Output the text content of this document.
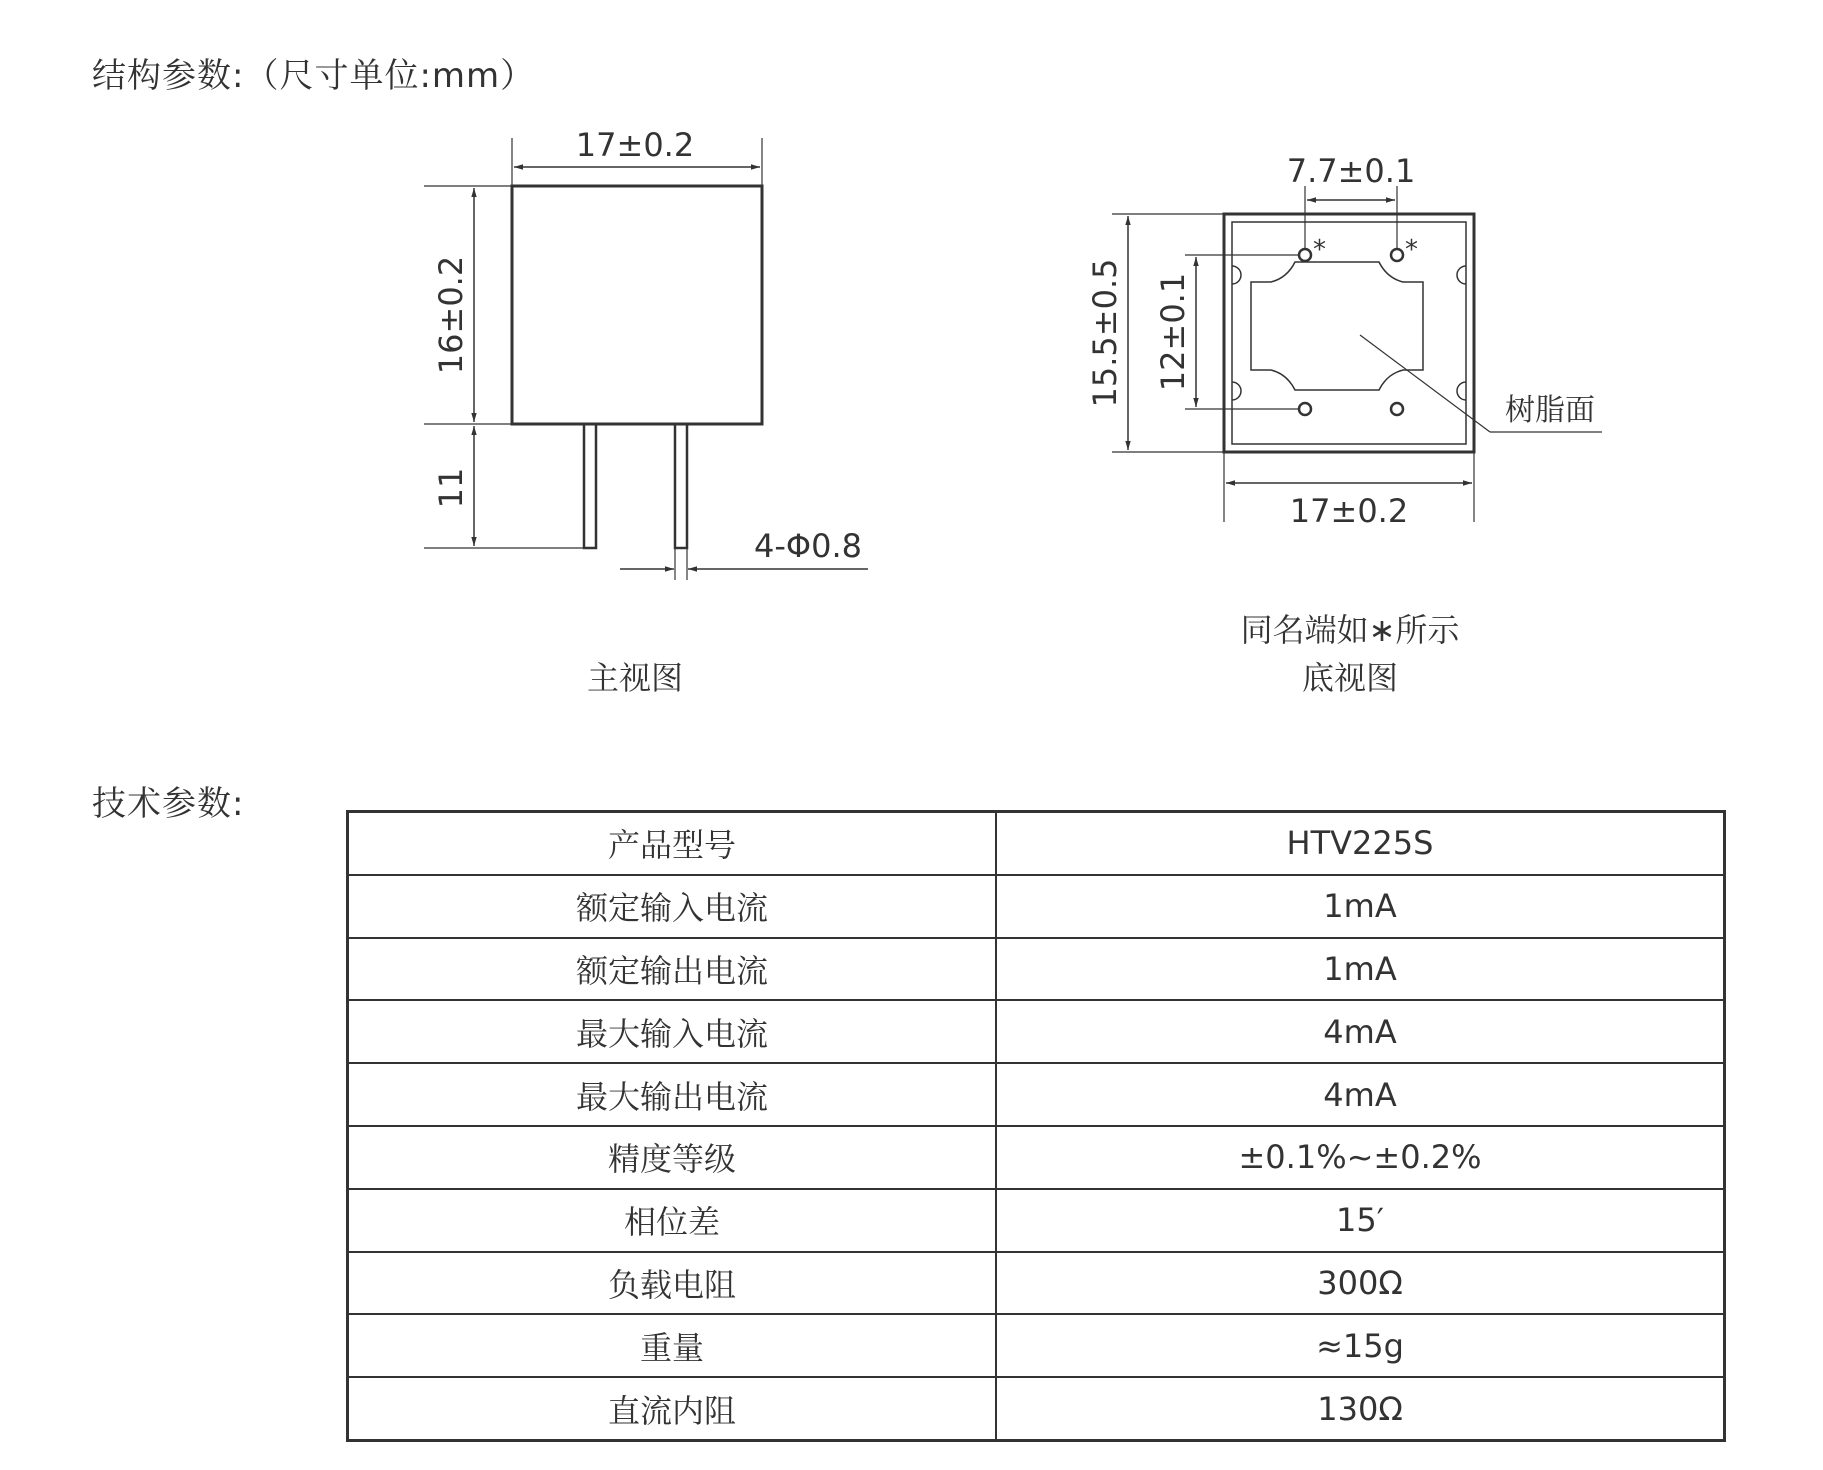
结构参数:（尺寸单位:mm）
17±0.2
16±0.2
11
4-Φ0.8
主视图
*	*
7.7±0.1
15.5±0.5 12±0.1
17±0.2
树脂面
同名端如∗所示
底视图
技术参数:
产品型号	HTV225S
额定输入电流	1mA
额定输出电流	1mA
最大输入电流	4mA
最大输出电流	4mA
精度等级	±0.1%~±0.2%
相位差	15′
负载电阻	300Ω
重量	≈15g
直流内阻	130Ω
